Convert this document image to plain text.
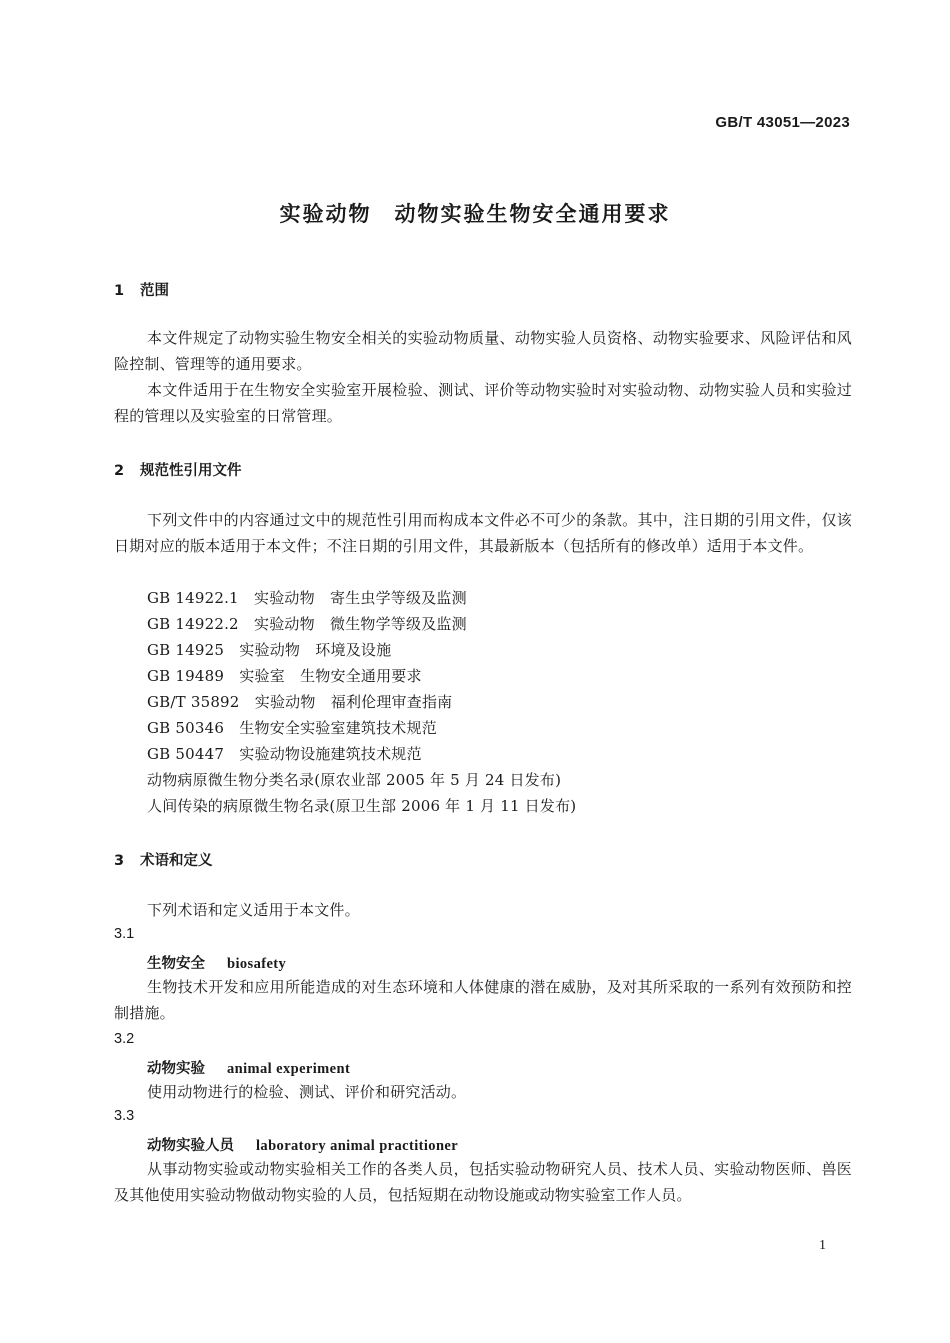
GB/T 43051—2023
实验动物　动物实验生物安全通用要求
1 范围
本文件规定了动物实验生物安全相关的实验动物质量、动物实验人员资格、动物实验要求、风险评估和风险控制、管理等的通用要求。
本文件适用于在生物安全实验室开展检验、测试、评价等动物实验时对实验动物、动物实验人员和实验过程的管理以及实验室的日常管理。
2 规范性引用文件
下列文件中的内容通过文中的规范性引用而构成本文件必不可少的条款。其中，注日期的引用文件，仅该日期对应的版本适用于本文件；不注日期的引用文件，其最新版本（包括所有的修改单）适用于本文件。
GB 14922.1　实验动物　寄生虫学等级及监测
GB 14922.2　实验动物　微生物学等级及监测
GB 14925　实验动物　环境及设施
GB 19489　实验室　生物安全通用要求
GB/T 35892　实验动物　福利伦理审查指南
GB 50346　生物安全实验室建筑技术规范
GB 50447　实验动物设施建筑技术规范
动物病原微生物分类名录(原农业部 2005 年 5 月 24 日发布)
人间传染的病原微生物名录(原卫生部 2006 年 1 月 11 日发布)
3 术语和定义
下列术语和定义适用于本文件。
3.1
生物安全 biosafety
生物技术开发和应用所能造成的对生态环境和人体健康的潜在威胁，及对其所采取的一系列有效预防和控制措施。
3.2
动物实验 animal experiment
使用动物进行的检验、测试、评价和研究活动。
3.3
动物实验人员 laboratory animal practitioner
从事动物实验或动物实验相关工作的各类人员，包括实验动物研究人员、技术人员、实验动物医师、兽医及其他使用实验动物做动物实验的人员，包括短期在动物设施或动物实验室工作人员。
1
